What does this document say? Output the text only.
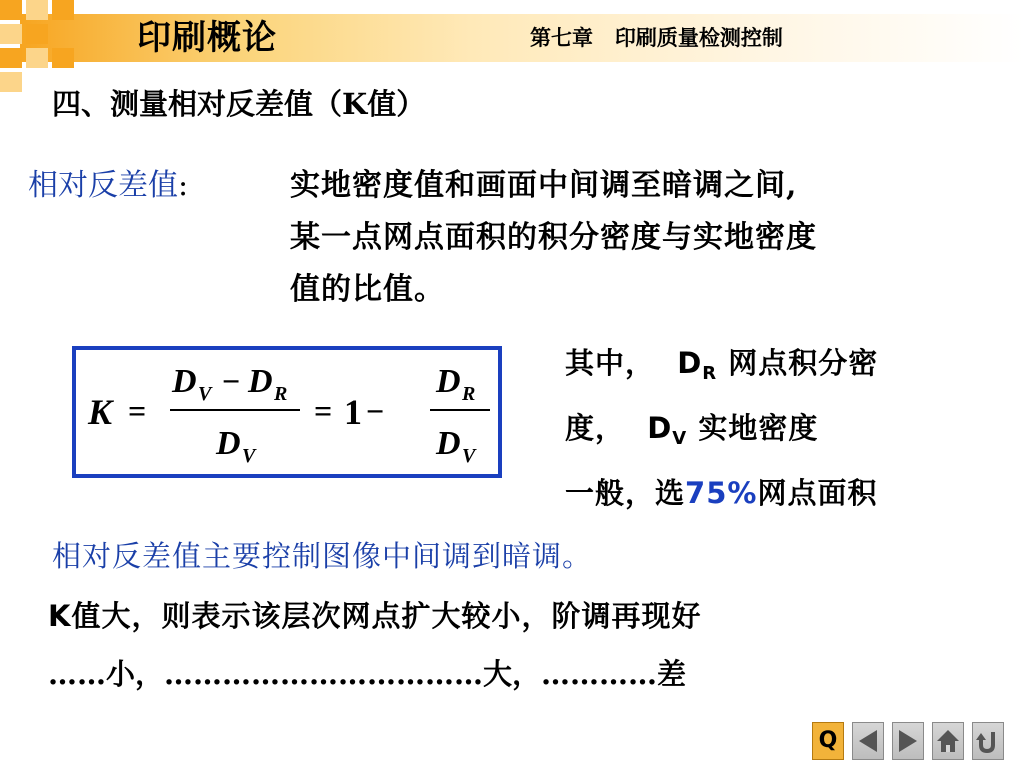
印刷概论	第七章   印刷质量检测控制
四、测量相对反差值（K值）
相对反差值:	实地密度值和画面中间调至暗调之间,
某一点网点面积的积分密度与实地密度
值的比值。
K =
D V − D R
D V
= 1 −
D R
D V
其中，  $D_R$ 网点积分密
度，  $D_V$ 实地密度
一般，选75%网点面积
相对反差值主要控制图像中间调到暗调。
K值大，则表示该层次网点扩大较小，阶调再现好
……小，……………………………大，…………差
Q
